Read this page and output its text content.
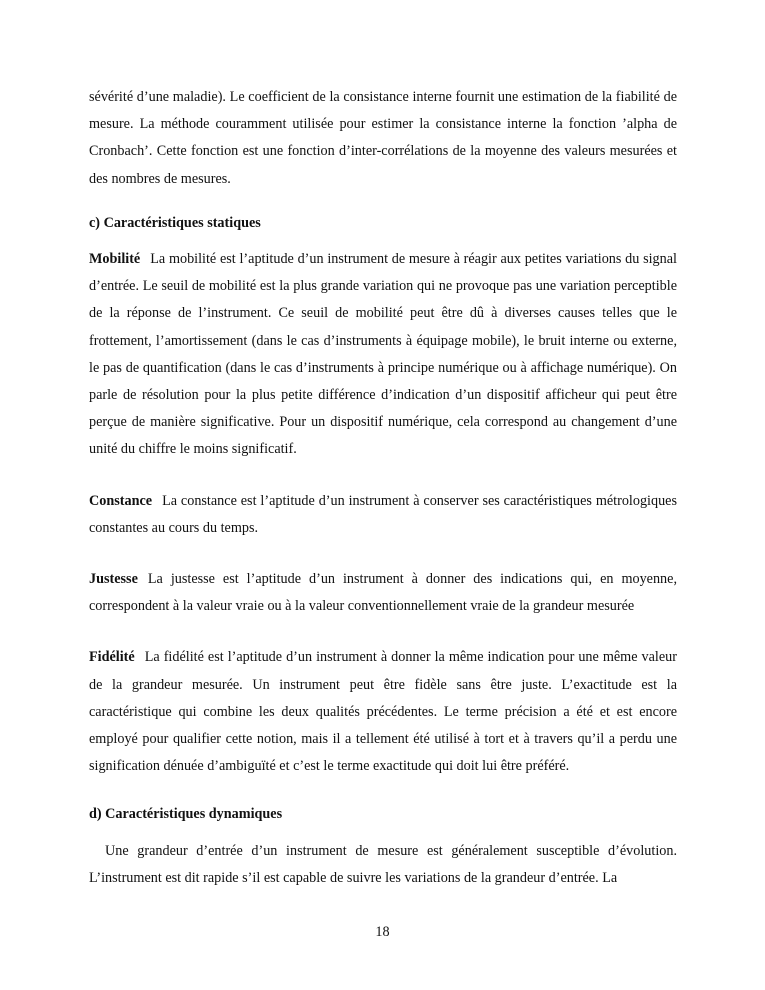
sévérité d’une maladie). Le coefficient de la consistance interne fournit une estimation de la fiabilité de mesure. La méthode couramment utilisée pour estimer la consistance interne la fonction ’alpha de Cronbach’. Cette fonction est une fonction d’inter-corrélations de la moyenne des valeurs mesurées et des nombres de mesures.

c) Caractéristiques statiques

Mobilité La mobilité est l’aptitude d’un instrument de mesure à réagir aux petites variations du signal d’entrée. Le seuil de mobilité est la plus grande variation qui ne provoque pas une variation perceptible de la réponse de l’instrument. Ce seuil de mobilité peut être dû à diverses causes telles que le frottement, l’amortissement (dans le cas d’instruments à équipage mobile), le bruit interne ou externe, le pas de quantification (dans le cas d’instruments à principe numérique ou à affichage numérique). On parle de résolution pour la plus petite différence d’indication d’un dispositif afficheur qui peut être perçue de manière significative. Pour un dispositif numérique, cela correspond au changement d’une unité du chiffre le moins significatif.

Constance La constance est l’aptitude d’un instrument à conserver ses caractéristiques métrologiques constantes au cours du temps.

Justesse La justesse est l’aptitude d’un instrument à donner des indications qui, en moyenne, correspondent à la valeur vraie ou à la valeur conventionnellement vraie de la grandeur mesurée

Fidélité La fidélité est l’aptitude d’un instrument à donner la même indication pour une même valeur de la grandeur mesurée. Un instrument peut être fidèle sans être juste. L’exactitude est la caractéristique qui combine les deux qualités précédentes. Le terme précision a été et est encore employé pour qualifier cette notion, mais il a tellement été utilisé à tort et à travers qu’il a perdu une signification dénuée d’ambiguïté et c’est le terme exactitude qui doit lui être préféré.

d) Caractéristiques dynamiques

Une grandeur d’entrée d’un instrument de mesure est généralement susceptible d’évolution. L’instrument est dit rapide s’il est capable de suivre les variations de la grandeur d’entrée. La

18
